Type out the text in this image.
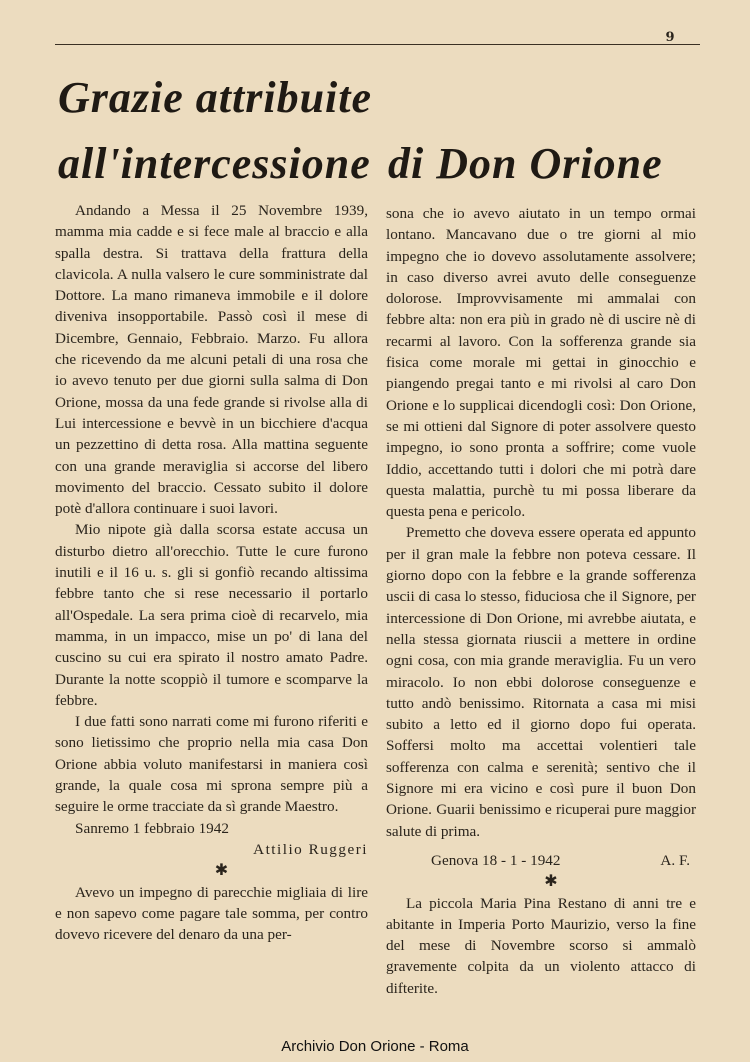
9
Grazie attribuite
all'intercessione di Don Orione

Andando a Messa il 25 Novembre 1939, mamma mia cadde e si fece male al braccio e alla spalla destra. Si trattava della frattura della clavicola. A nulla valsero le cure somministrate dal Dottore. La mano rimaneva immobile e il dolore diveniva insopportabile. Passò così il mese di Dicembre, Gennaio, Febbraio. Marzo. Fu allora che ricevendo da me alcuni petali di una rosa che io avevo tenuto per due giorni sulla salma di Don Orione, mossa da una fede grande si rivolse alla di Lui intercessione e bevvè in un bicchiere d'acqua un pezzettino di detta rosa. Alla mattina seguente con una grande meraviglia si accorse del libero movimento del braccio. Cessato subito il dolore potè d'allora continuare i suoi lavori.

Mio nipote già dalla scorsa estate accusa un disturbo dietro all'orecchio. Tutte le cure furono inutili e il 16 u. s. gli si gonfiò recando altissima febbre tanto che si rese necessario il portarlo all'Ospedale. La sera prima cioè di recarvelo, mia mamma, in un impacco, mise un po' di lana del cuscino su cui era spirato il nostro amato Padre. Durante la notte scoppiò il tumore e scomparve la febbre.

I due fatti sono narrati come mi furono riferiti e sono lietissimo che proprio nella mia casa Don Orione abbia voluto manifestarsi in maniera così grande, la quale cosa mi sprona sempre più a seguire le orme tracciate da sì grande Maestro.

Sanremo 1 febbraio 1942

Attilio Ruggeri

✱

Avevo un impegno di parecchie migliaia di lire e non sapevo come pagare tale somma, per contro dovevo ricevere del denaro da una per-

sona che io avevo aiutato in un tempo ormai lontano. Mancavano due o tre giorni al mio impegno che io dovevo assolutamente assolvere; in caso diverso avrei avuto delle conseguenze dolorose. Improvvisamente mi ammalai con febbre alta: non era più in grado nè di uscire nè di recarmi al lavoro. Con la sofferenza grande sia fisica come morale mi gettai in ginocchio e piangendo pregai tanto e mi rivolsi al caro Don Orione e lo supplicai dicendogli così: Don Orione, se mi ottieni dal Signore di poter assolvere questo impegno, io sono pronta a soffrire; come vuole Iddio, accettando tutti i dolori che mi potrà dare questa malattia, purchè tu mi possa liberare da questa pena e pericolo.

Premetto che doveva essere operata ed appunto per il gran male la febbre non poteva cessare. Il giorno dopo con la febbre e la grande sofferenza uscii di casa lo stesso, fiduciosa che il Signore, per intercessione di Don Orione, mi avrebbe aiutata, e nella stessa giornata riuscii a mettere in ordine ogni cosa, con mia grande meraviglia. Fu un vero miracolo. Io non ebbi dolorose conseguenze e tutto andò benissimo. Ritornata a casa mi misi subito a letto ed il giorno dopo fui operata. Soffersi molto ma accettai volentieri tale sofferenza con calma e serenità; sentivo che il Signore mi era vicino e così pure il buon Don Orione. Guarii benissimo e ricuperai pure maggior salute di prima.

Genova 18 - 1 - 1942	A. F.

✱

La piccola Maria Pina Restano di anni tre e abitante in Imperia Porto Maurizio, verso la fine del mese di Novembre scorso si ammalò gravemente colpita da un violento attacco di difterite.

Archivio Don Orione - Roma
